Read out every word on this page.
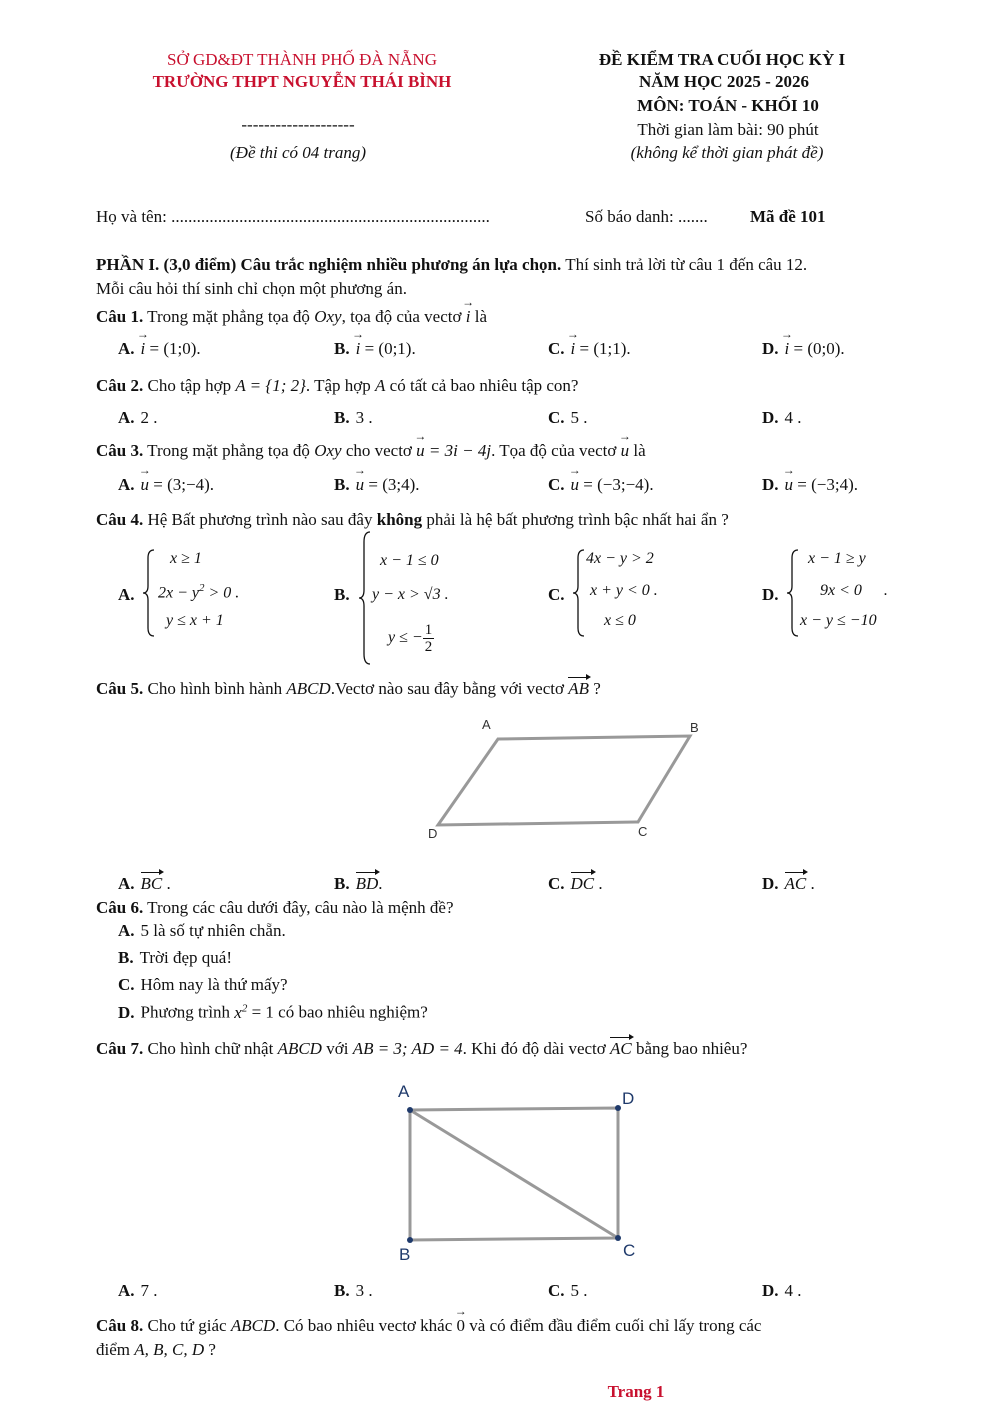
SỞ GD&ĐT THÀNH PHỐ ĐÀ NẴNG
TRƯỜNG THPT NGUYỄN THÁI BÌNH
--------------------
(Đề thi có 04 trang)
ĐỀ KIỂM TRA CUỐI HỌC KỲ I
NĂM HỌC 2025 - 2026
MÔN: TOÁN - KHỐI 10
Thời gian làm bài: 90 phút
(không kể thời gian phát đề)
Họ và tên: ...........................................................................	Số báo danh: ....... Mã đề 101
PHẦN I. (3,0 điểm) Câu trắc nghiệm nhiều phương án lựa chọn. Thí sinh trả lời từ câu 1 đến câu 12.
Mỗi câu hỏi thí sinh chỉ chọn một phương án.
Câu 1. Trong mặt phẳng tọa độ Oxy, tọa độ của vectơ → i là
A. → i = (1;0).	B. → i = (0;1).	C. → i = (1;1).	D. → i = (0;0).
Câu 2. Cho tập hợp A = {1; 2}. Tập hợp A có tất cả bao nhiêu tập con?
A. 2 .	B. 3 .	C. 5 .	D. 4 .
Câu 3. Trong mặt phẳng tọa độ Oxy cho vectơ → u = 3i − 4j. Tọa độ của vectơ → u là
A. → u = (3;−4).	B. → u = (3;4).	C. → u = (−3;−4).	D. → u = (−3;4).
Câu 4. Hệ Bất phương trình nào sau đây không phải là hệ bất phương trình bậc nhất hai ẩn ?
A.
x ≥ 1
$2x - y^2 > 0$ .
y ≤ x + 1
B.
x − 1 ≤ 0
y − x > √3 .
y ≤ − $\frac{1}{2}$
C.
4x − y > 2
x + y < 0 .
x ≤ 0
D.
x − 1 ≥ y
9x < 0 .
x − y ≤ −10
Câu 5. Cho hình bình hành ABCD.Vectơ nào sau đây bằng với vectơ AB ?
A	B
C
D
A. BC .	B. BD.	C. DC .	D. AC .
Câu 6. Trong các câu dưới đây, câu nào là mệnh đề?
A. 5 là số tự nhiên chẵn.
B. Trời đẹp quá!
C. Hôm nay là thứ mấy?
D. Phương trình $x^2 = 1$ có bao nhiêu nghiệm?
Câu 7. Cho hình chữ nhật ABCD với AB = 3; AD = 4. Khi đó độ dài vectơ AC bằng bao nhiêu?
A	D
B	C
A. 7 .	B. 3 .	C. 5 .	D. 4 .
Câu 8. Cho tứ giác ABCD. Có bao nhiêu vectơ khác → 0 và có điểm đầu điểm cuối chỉ lấy trong các
điểm A, B, C, D ?
Trang 1
